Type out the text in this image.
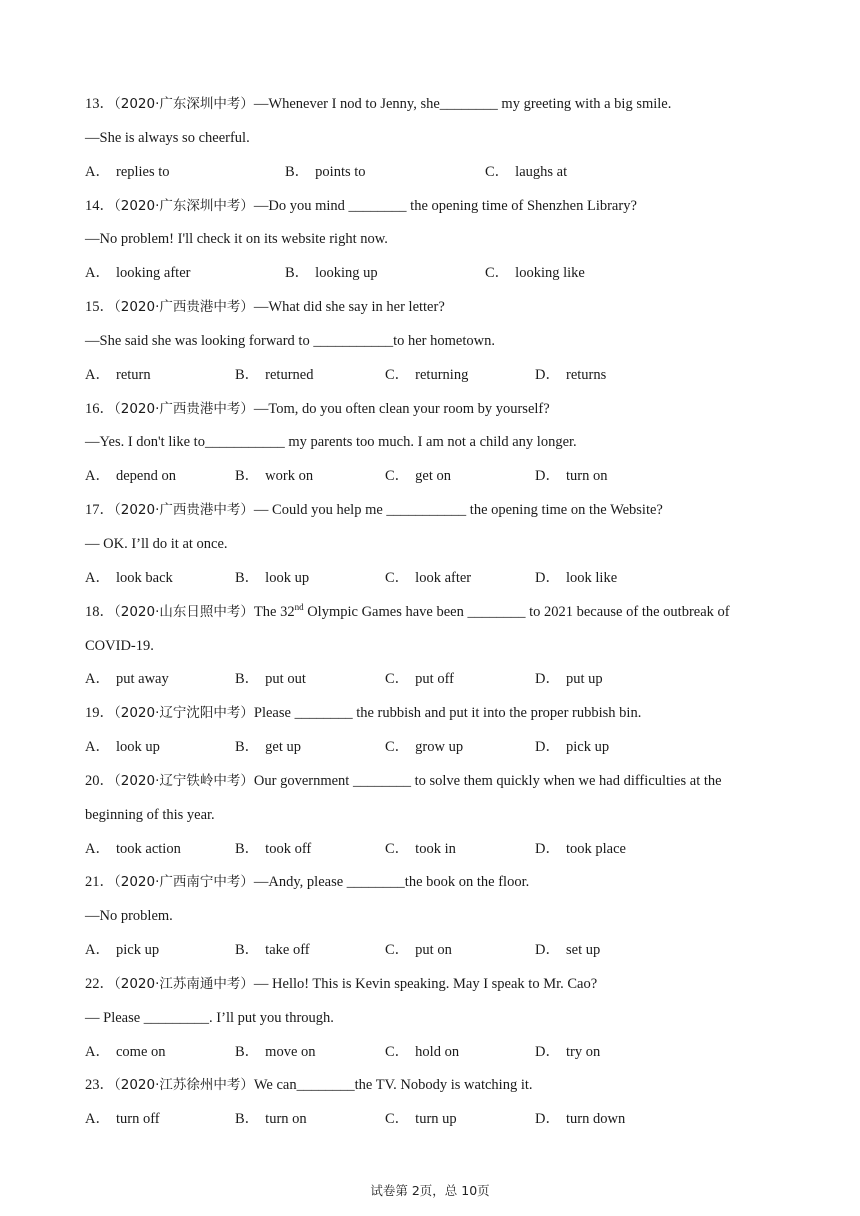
13．（2020·广东深圳中考）—Whenever I nod to Jenny, she________ my greeting with a big smile.
—She is always so cheerful.
A． replies to	B． points to	C． laughs at
14．（2020·广东深圳中考）—Do you mind ________ the opening time of Shenzhen Library?
—No problem! I'll check it on its website right now.
A． looking after	B． looking up	C． looking like
15．（2020·广西贵港中考）—What did she say in her letter?
—She said she was looking forward to ___________to her hometown.
A． return	B． returned	C． returning	D． returns
16．（2020·广西贵港中考）—Tom, do you often clean your room by yourself?
—Yes. I don't like to___________ my parents too much. I am not a child any longer.
A． depend on	B． work on	C． get on	D． turn on
17．（2020·广西贵港中考）— Could you help me ___________ the opening time on the Website?
— OK. I’ll do it at once.
A． look back	B． look up	C． look after	D． look like
18．（2020·山东日照中考）The 32nd Olympic Games have been ________ to 2021 because of the outbreak of
COVID-19.
A． put away	B． put out	C． put off	D． put up
19．（2020·辽宁沈阳中考）Please ________ the rubbish and put it into the proper rubbish bin.
A． look up	B． get up	C． grow up	D． pick up
20．（2020·辽宁铁岭中考）Our government ________ to solve them quickly when we had difficulties at the
beginning of this year.
A． took action	B． took off	C． took in	D． took place
21．（2020·广西南宁中考）—Andy, please ________the book on the floor.
—No problem.
A． pick up	B． take off	C． put on	D． set up
22．（2020·江苏南通中考）— Hello! This is Kevin speaking. May I speak to Mr. Cao?
— Please _________. I’ll put you through.
A． come on	B． move on	C． hold on	D． try on
23．（2020·江苏徐州中考）We can________the TV. Nobody is watching it.
A． turn off	B． turn on	C． turn up	D． turn down
试卷第 2页，总 10页
